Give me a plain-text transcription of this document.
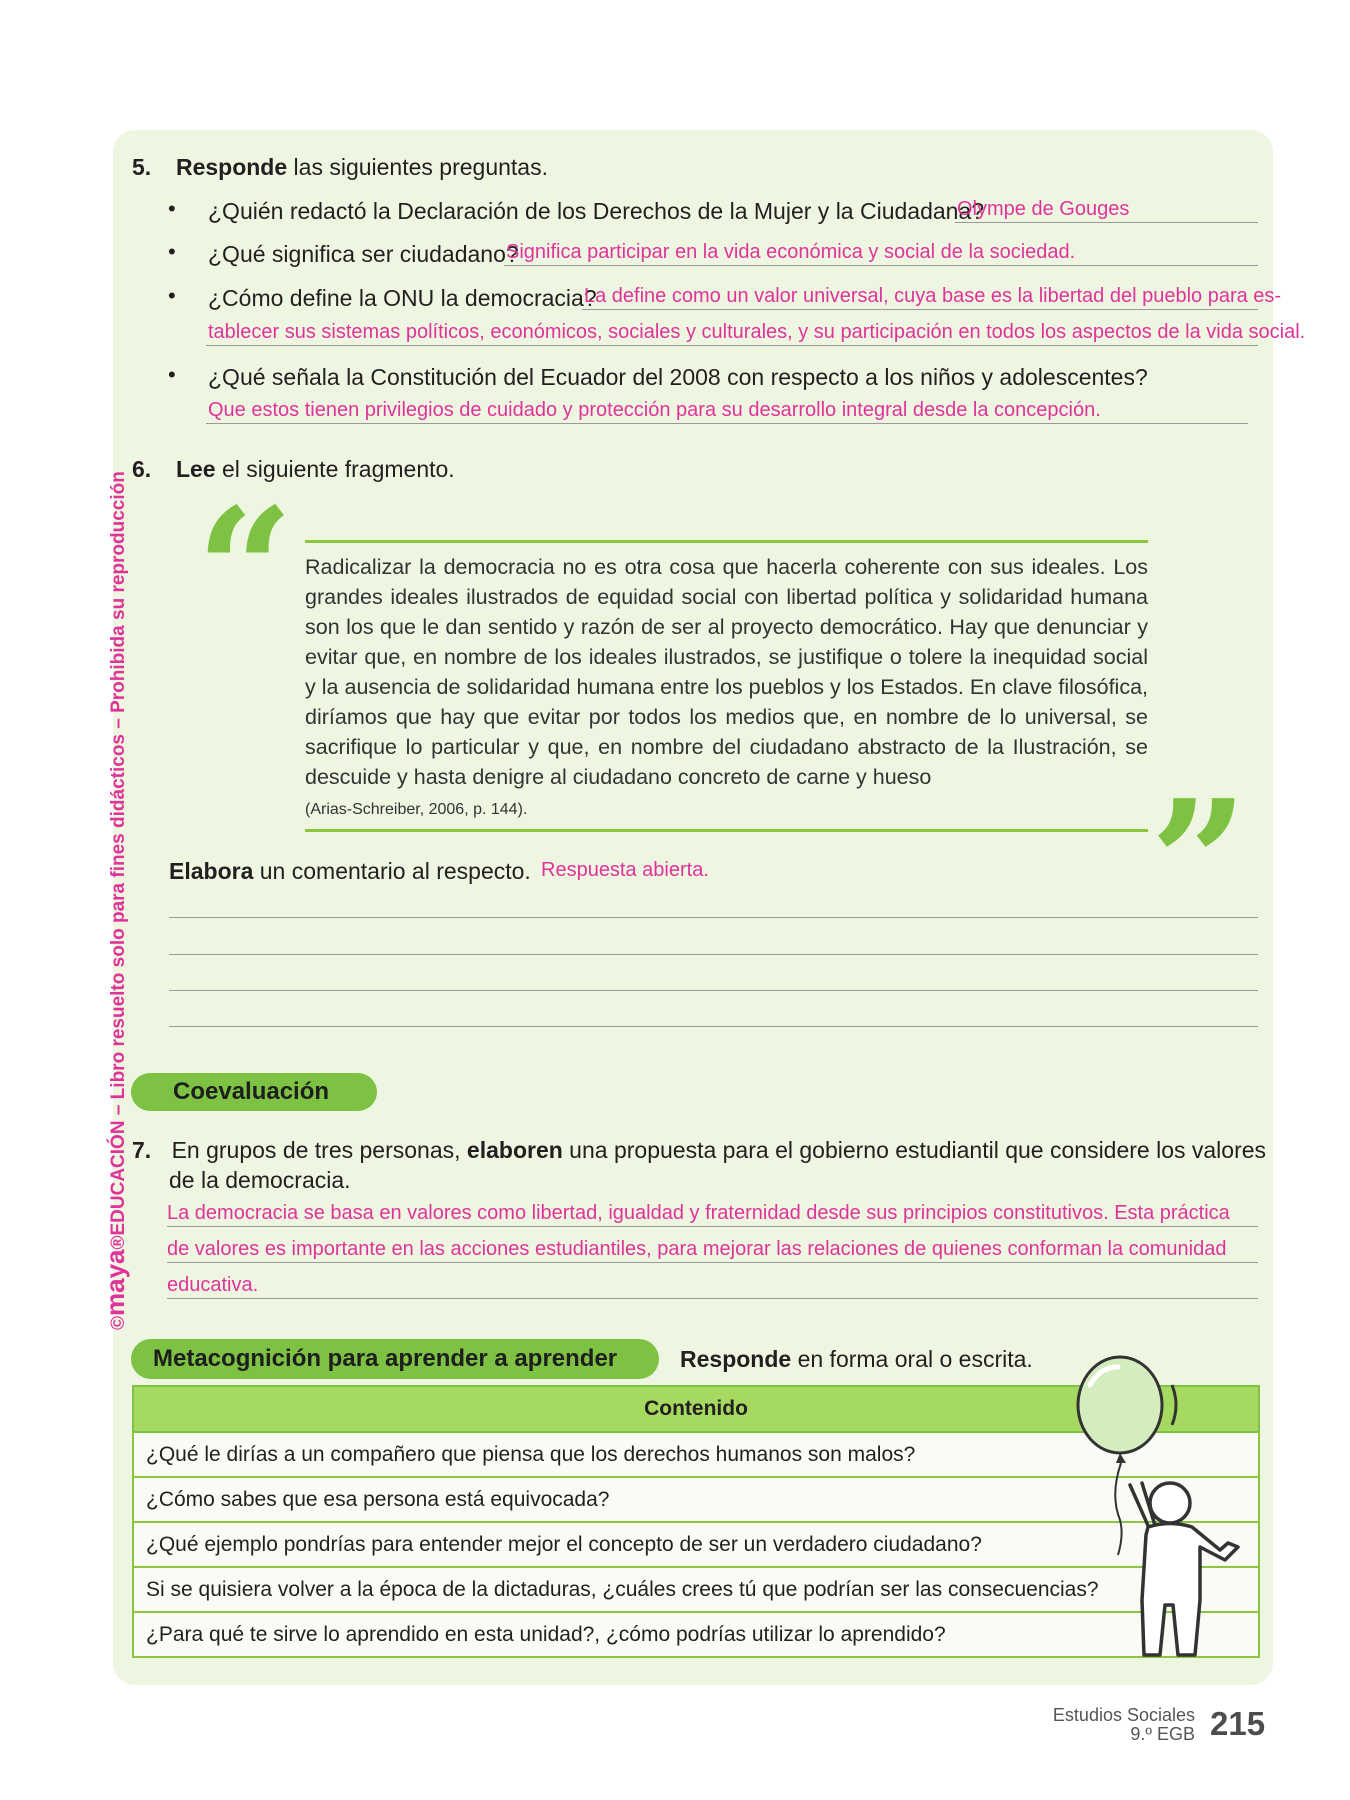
©maya®EDUCACIÓN – Libro resuelto solo para fines didácticos – Prohibida su reproducción
5. Responde las siguientes preguntas.
• ¿Quién redactó la Declaración de los Derechos de la Mujer y la Ciudadana?
Olympe de Gouges
• ¿Qué significa ser ciudadano?
Significa participar en la vida económica y social de la sociedad.
• ¿Cómo define la ONU la democracia?
La define como un valor universal, cuya base es la libertad del pueblo para es-
tablecer sus sistemas políticos, económicos, sociales y culturales, y su participación en todos los aspectos de la vida social.
• ¿Qué señala la Constitución del Ecuador del 2008 con respecto a los niños y adolescentes?
Que estos tienen privilegios de cuidado y protección para su desarrollo integral desde la concepción.
6. Lee el siguiente fragmento.
“ Radicalizar la democracia no es otra cosa que hacerla coherente con sus ideales. Los grandes ideales ilustrados de equidad social con libertad política y solidaridad humana son los que le dan sentido y razón de ser al proyecto democrático. Hay que denunciar y evitar que, en nombre de los ideales ilustrados, se justifique o tolere la inequidad social y la ausencia de solidaridad humana entre los pueblos y los Estados. En clave filosófica, diríamos que hay que evitar por todos los medios que, en nombre de lo universal, se sacrifique lo particular y que, en nombre del ciudadano abstracto de la Ilustración, se descuide y hasta denigre al ciudadano concreto de carne y hueso
(Arias-Schreiber, 2006, p. 144).	”
Elabora un comentario al respecto. Respuesta abierta.
Coevaluación
7. En grupos de tres personas, elaboren una propuesta para el gobierno estudiantil que considere los valores
de la democracia.
La democracia se basa en valores como libertad, igualdad y fraternidad desde sus principios constitutivos. Esta práctica
de valores es importante en las acciones estudiantiles, para mejorar las relaciones de quienes conforman la comunidad
educativa.
Metacognición para aprender a aprender	Responde en forma oral o escrita.
Contenido
¿Qué le dirías a un compañero que piensa que los derechos humanos son malos?
¿Cómo sabes que esa persona está equivocada?
¿Qué ejemplo pondrías para entender mejor el concepto de ser un verdadero ciudadano?
Si se quisiera volver a la época de la dictaduras, ¿cuáles crees tú que podrían ser las consecuencias?
¿Para qué te sirve lo aprendido en esta unidad?, ¿cómo podrías utilizar lo aprendido?
Estudios Sociales
9.º EGB 215
